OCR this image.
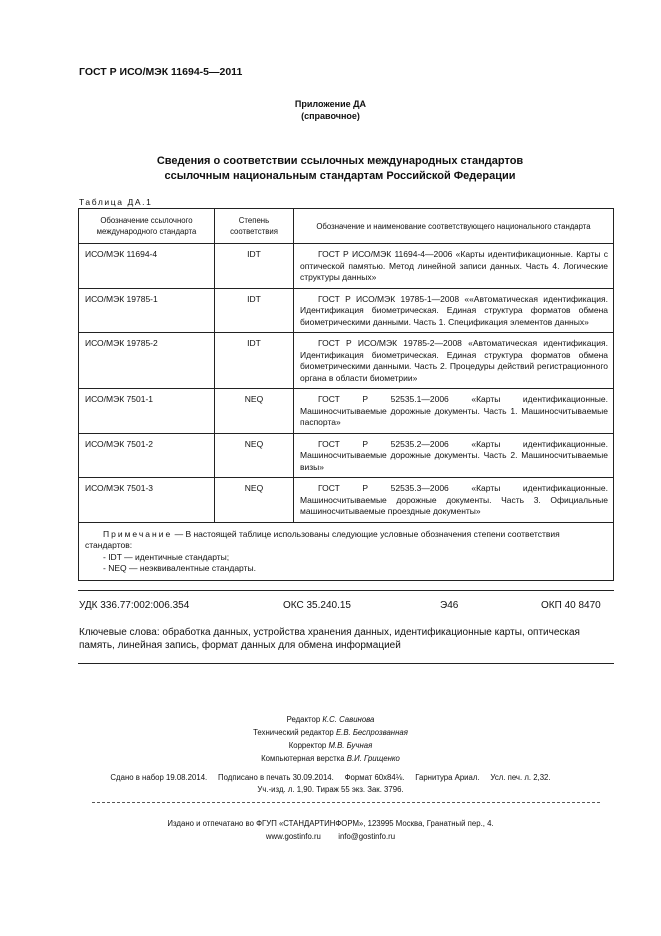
ГОСТ Р ИСО/МЭК 11694-5—2011
Приложение ДА
(справочное)
Сведения о соответствии ссылочных международных стандартов
ссылочным национальным стандартам Российской Федерации
Таблица ДА.1
Обозначение ссылочного международного стандарта	Степень соответствия	Обозначение и наименование соответствующего национального стандарта
ИСО/МЭК 11694-4	IDT	ГОСТ Р ИСО/МЭК 11694-4—2006 «Карты идентификационные. Карты с оптической памятью. Метод линейной записи данных. Часть 4. Логические структуры данных»

ИСО/МЭК 19785-1	IDT	ГОСТ Р ИСО/МЭК 19785-1—2008 ««Автоматическая идентификация. Идентификация биометрическая. Единая структура форматов обмена биометрическими данными. Часть 1. Спецификация элементов данных»

ИСО/МЭК 19785-2	IDT	ГОСТ Р ИСО/МЭК 19785-2—2008 «Автоматическая идентификация. Идентификация биометрическая. Единая структура форматов обмена биометрическими данными. Часть 2. Процедуры действий регистрационного органа в области биометрии»

ИСО/МЭК 7501-1	NEQ	ГОСТ Р 52535.1—2006 «Карты идентификационные. Машиносчитываемые дорожные документы. Часть 1. Машиносчитываемые паспорта»

ИСО/МЭК 7501-2	NEQ	ГОСТ Р 52535.2—2006 «Карты идентификационные. Машиносчитываемые дорожные документы. Часть 2. Машиносчитываемые визы»

ИСО/МЭК 7501-3	NEQ	ГОСТ Р 52535.3—2006 «Карты идентификационные. Машиносчитываемые дорожные документы. Часть 3. Официальные машиносчитываемые проездные документы»

Примечание — В настоящей таблице использованы следующие условные обозначения степени соответствия стандартов:
- IDT — идентичные стандарты;
- NEQ — неэквивалентные стандарты.		
УДК 336.77:002:006.354	ОКС 35.240.15	Э46	ОКП 40 8470
Ключевые слова: обработка данных, устройства хранения данных, идентификационные карты, оптическая память, линейная запись, формат данных для обмена информацией
Редактор К.С. Савинова
Технический редактор Е.В. Беспрозванная
Корректор М.В. Бучная
Компьютерная верстка В.И. Грищенко
Сдано в набор 19.08.2014.     Подписано в печать 30.09.2014.     Формат 60х84⅛.     Гарнитура Ариал.     Усл. печ. л. 2,32.
Уч.-изд. л. 1,90. Тираж 55 экз. Зак. 3796.
Издано и отпечатано во ФГУП «СТАНДАРТИНФОРМ», 123995 Москва, Гранатный пер., 4.
www.gostinfo.ru        info@gostinfo.ru
